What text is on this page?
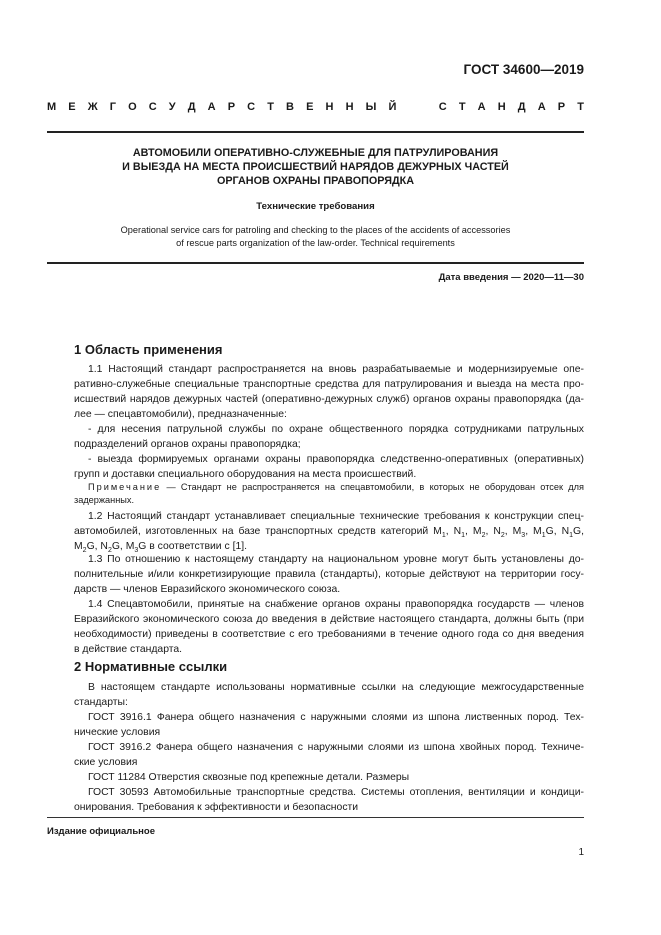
ГОСТ 34600—2019
М Е Ж Г О С У Д А Р С Т В Е Н Н Ы Й

	С Т А Н Д А Р Т
АВТОМОБИЛИ ОПЕРАТИВНО-СЛУЖЕБНЫЕ ДЛЯ ПАТРУЛИРОВАНИЯ
И ВЫЕЗДА НА МЕСТА ПРОИСШЕСТВИЙ НАРЯДОВ ДЕЖУРНЫХ ЧАСТЕЙ
ОРГАНОВ ОХРАНЫ ПРАВОПОРЯДКА
Технические требования
Operational service cars for patroling and checking to the places of the accidents of accessories
of rescue parts organization of the law-order. Technical requirements
Дата введения — 2020—11—30
1 Область применения
1.1 Настоящий стандарт распространяется на вновь разрабатываемые и модернизируемые опе-
ративно-служебные специальные транспортные средства для патрулирования и выезда на места про-
исшествий нарядов дежурных частей (оперативно-дежурных служб) органов охраны правопорядка (да-
лее — спецавтомобили), предназначенные:
- для несения патрульной службы по охране общественного порядка сотрудниками патрульных
подразделений органов охраны правопорядка;
- выезда формируемых органами охраны правопорядка следственно-оперативных (оперативных)
групп и доставки специального оборудования на места происшествий.
Примечание — Стандарт не распространяется на спецавтомобили, в которых не оборудован отсек для
задержанных.
1.2 Настоящий стандарт устанавливает специальные технические требования к конструкции спец-
автомобилей, изготовленных на базе транспортных средств категорий $M_1$, $N_1$, $M_2$, $N_2$, $M_3$, $M_1G$, $N_1G$,
$M_2G$, $N_2G$, $M_3G$ в соответствии с [1].
1.3 По отношению к настоящему стандарту на национальном уровне могут быть установлены до-
полнительные и/или конкретизирующие правила (стандарты), которые действуют на территории госу-
дарств — членов Евразийского экономического союза.
1.4 Спецавтомобили, принятые на снабжение органов охраны правопорядка государств — членов
Евразийского экономического союза до введения в действие настоящего стандарта, должны быть (при
необходимости) приведены в соответствие с его требованиями в течение одного года со дня введения
в действие стандарта.
2 Нормативные ссылки
В настоящем стандарте использованы нормативные ссылки на следующие межгосударственные
стандарты:
ГОСТ 3916.1 Фанера общего назначения с наружными слоями из шпона лиственных пород. Тех-
нические условия
ГОСТ 3916.2 Фанера общего назначения с наружными слоями из шпона хвойных пород. Техниче-
ские условия
ГОСТ 11284 Отверстия сквозные под крепежные детали. Размеры
ГОСТ 30593 Автомобильные транспортные средства. Системы отопления, вентиляции и кондици-
онирования. Требования к эффективности и безопасности
Издание официальное
1
